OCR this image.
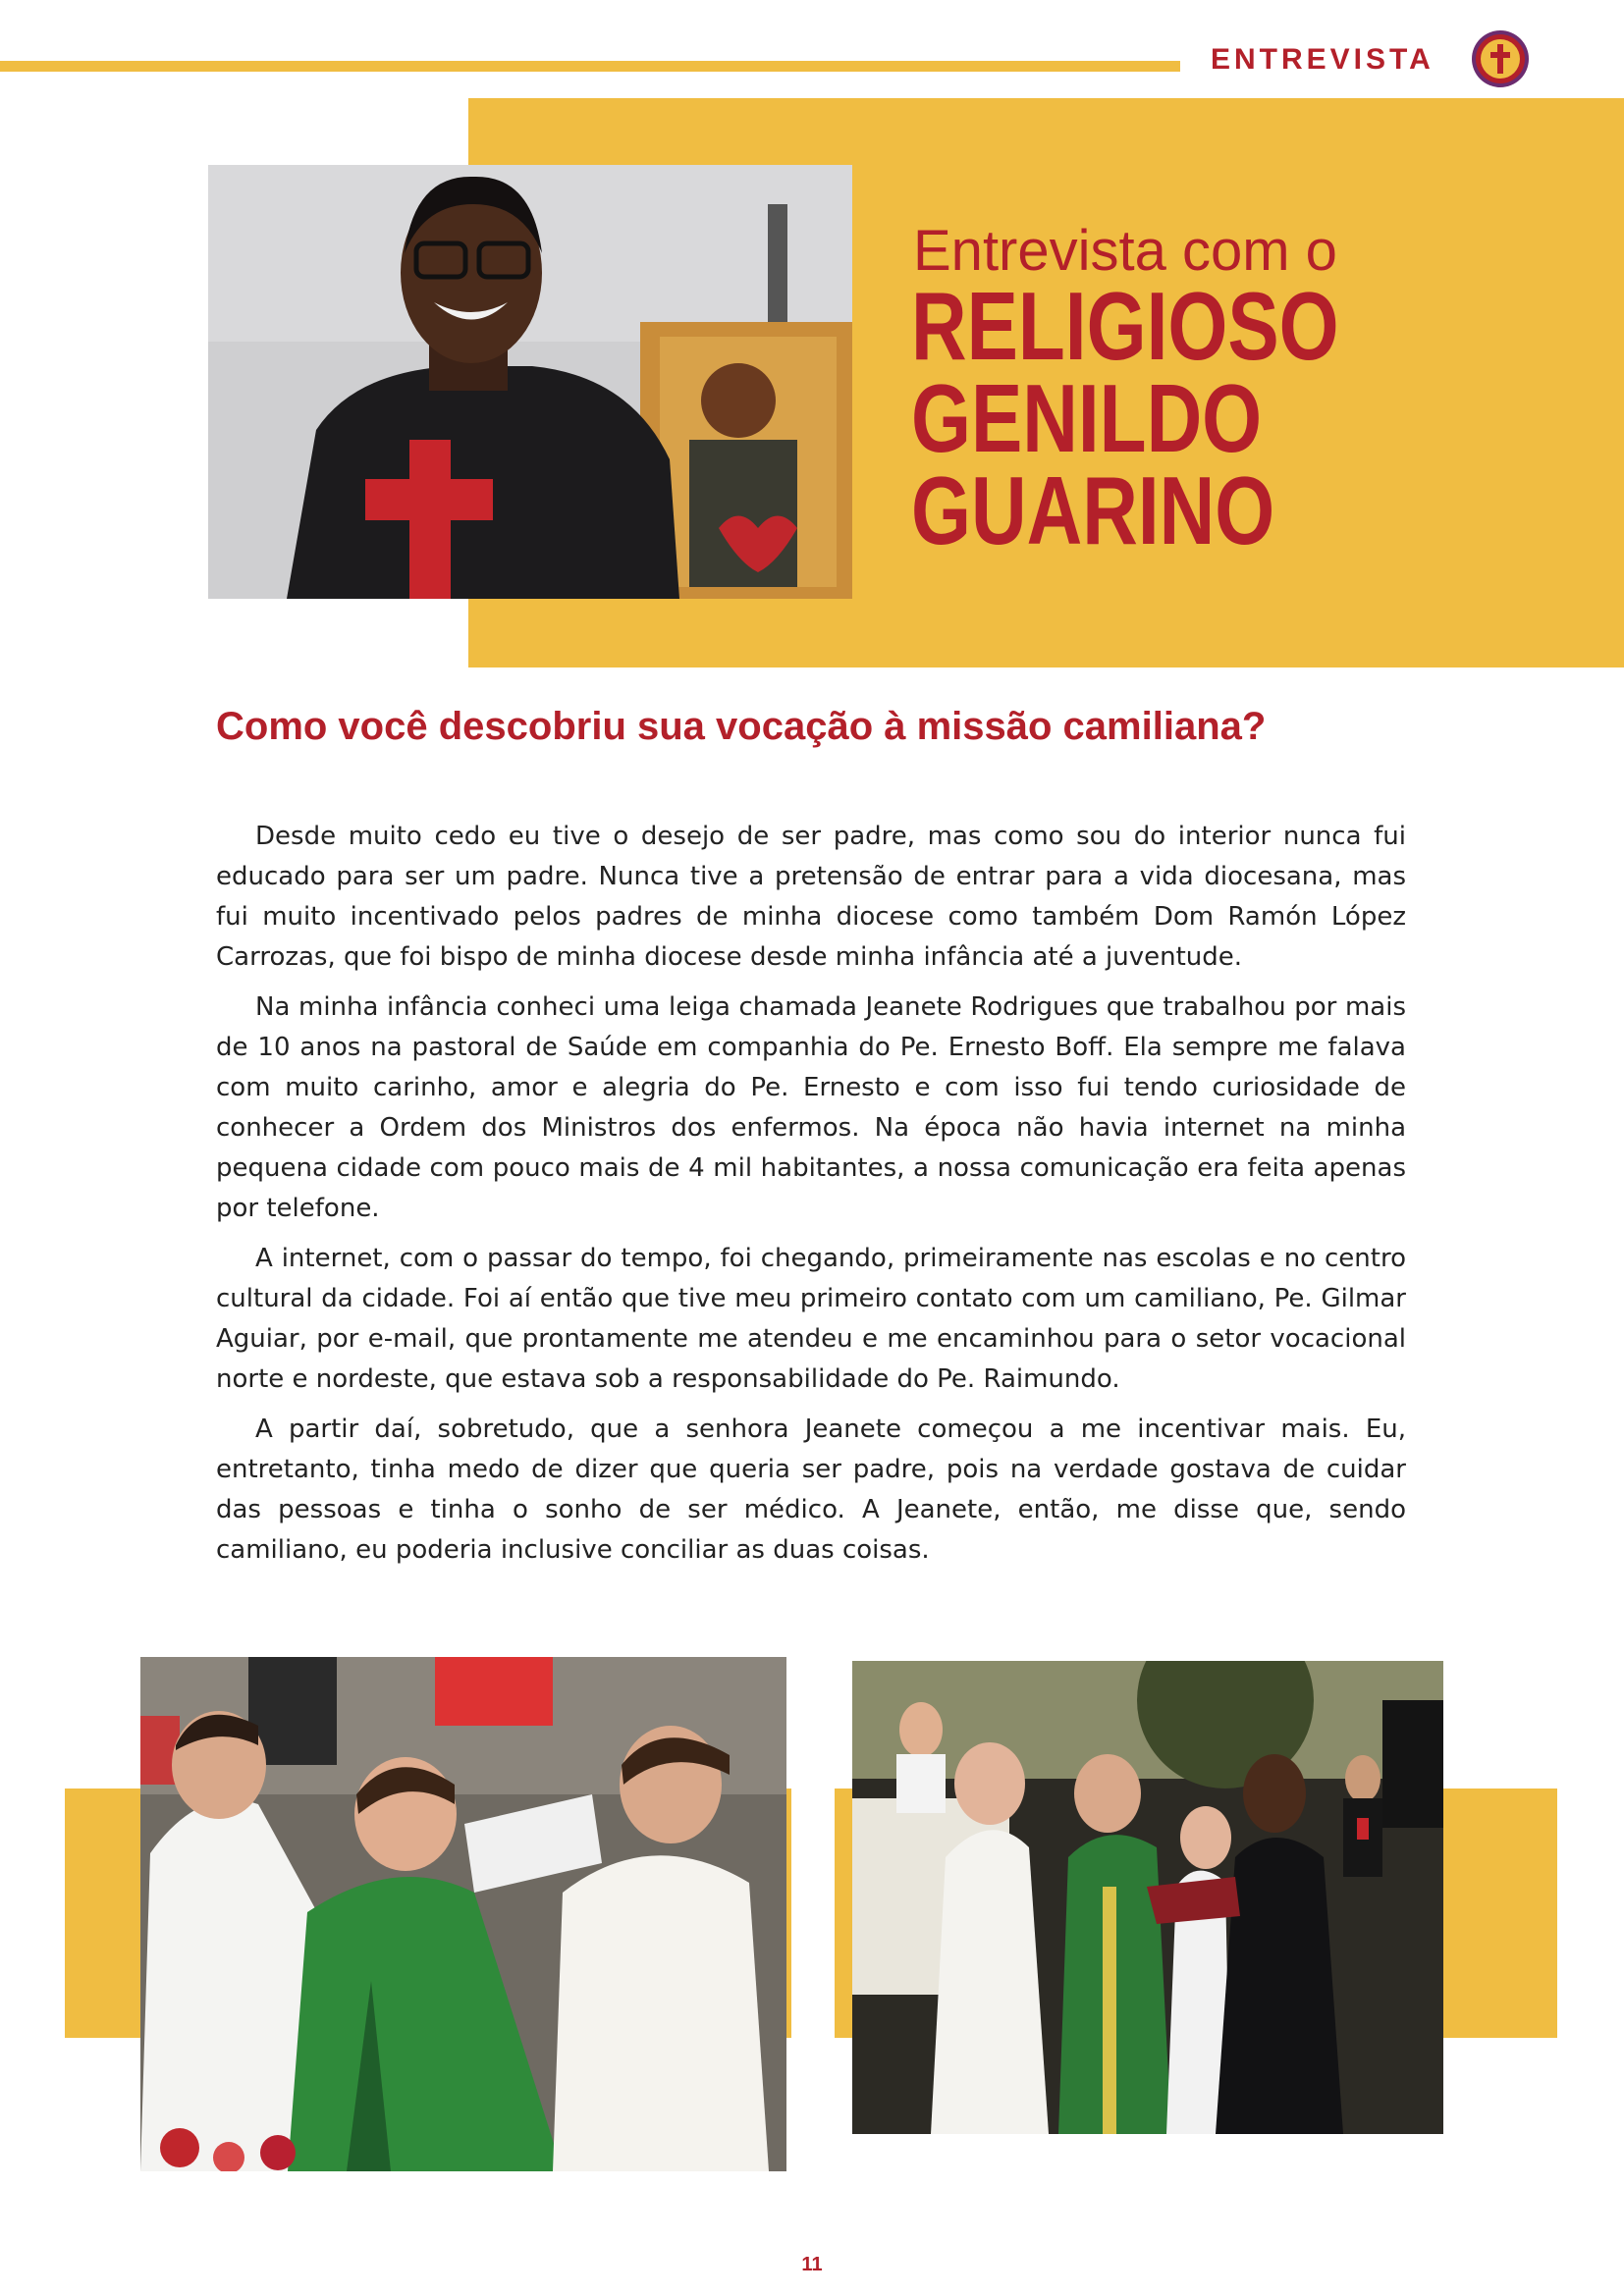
ENTREVISTA
Entrevista com o
RELIGIOSO
GENILDO
GUARINO
Como você descobriu sua vocação à missão camiliana?

Desde muito cedo eu tive o desejo de ser padre, mas como sou do interior nunca fui educado para ser um padre. Nunca tive a pretensão de entrar para a vida diocesana, mas fui muito incentivado pelos padres de minha diocese como também Dom Ramón López Carrozas, que foi bispo de minha diocese desde minha infância até a juventude.

Na minha infância conheci uma leiga chamada Jeanete Rodrigues que trabalhou por mais de 10 anos na pastoral de Saúde em companhia do Pe. Ernesto Boff. Ela sempre me falava com muito carinho, amor e alegria do Pe. Ernesto e com isso fui tendo curiosidade de conhecer a Ordem dos Ministros dos enfermos. Na época não havia internet na minha pequena cidade com pouco mais de 4 mil habitantes, a nossa comunicação era feita apenas por telefone.

A internet, com o passar do tempo, foi chegando, primeiramente nas escolas e no centro cultural da cidade. Foi aí então que tive meu primeiro contato com um camiliano, Pe. Gilmar Aguiar, por e-mail, que prontamente me atendeu e me encaminhou para o setor vocacional norte e nordeste, que estava sob a responsabilidade do Pe. Raimundo.

A partir daí, sobretudo, que a senhora Jeanete começou a me incentivar mais. Eu, entretanto, tinha medo de dizer que queria ser padre, pois na verdade gostava de cuidar das pessoas e tinha o sonho de ser médico. A Jeanete, então, me disse que, sendo camiliano, eu poderia inclusive conciliar as duas coisas.

11
